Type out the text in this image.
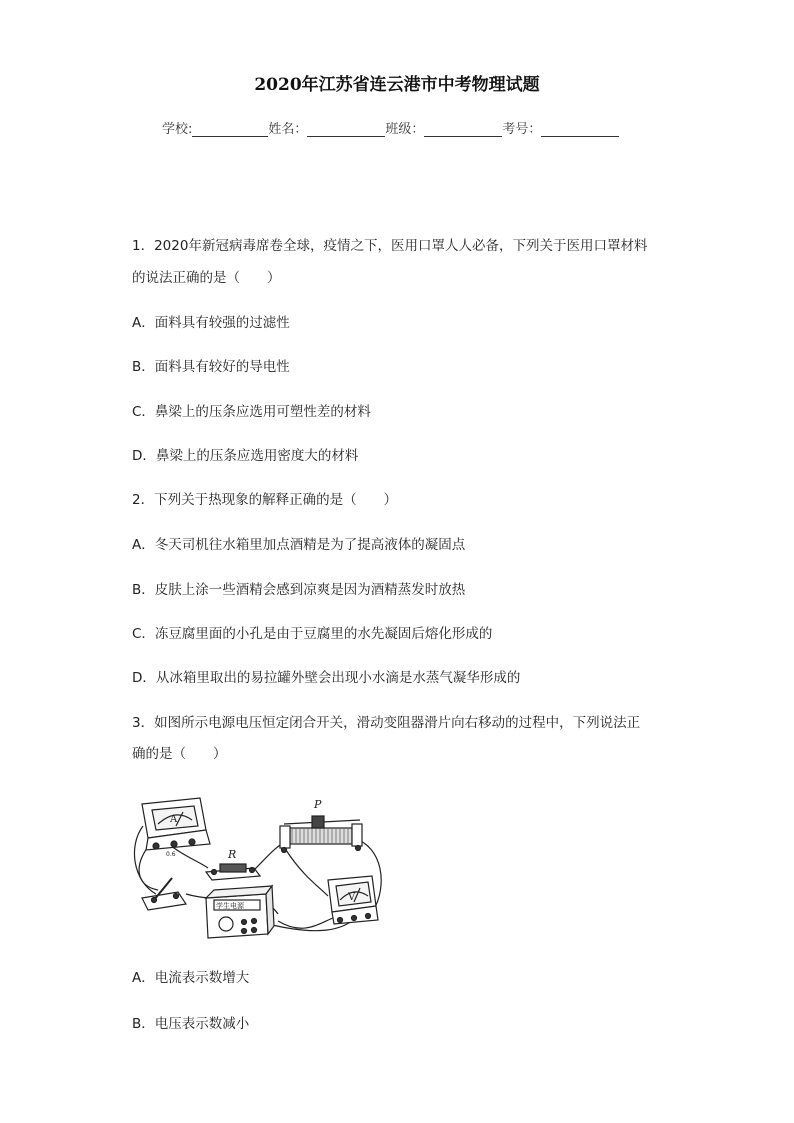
2020年江苏省连云港市中考物理试题
学校:	姓名：	班级：	考号：
1．2020年新冠病毒席卷全球，疫情之下，医用口罩人人必备，下列关于医用口罩材料
的说法正确的是（　　）
A．面料具有较强的过滤性
B．面料具有较好的导电性
C．鼻梁上的压条应选用可塑性差的材料
D．鼻梁上的压条应选用密度大的材料
2．下列关于热现象的解释正确的是（　　）
A．冬天司机往水箱里加点酒精是为了提高液体的凝固点
B．皮肤上涂一些酒精会感到凉爽是因为酒精蒸发时放热
C．冻豆腐里面的小孔是由于豆腐里的水先凝固后熔化形成的
D．从冰箱里取出的易拉罐外壁会出现小水滴是水蒸气凝华形成的
3．如图所示电源电压恒定闭合开关，滑动变阻器滑片向右移动的过程中，下列说法正
确的是（　　）
A
0.6	R
P
学生电源
V
A．电流表示数增大
B．电压表示数减小
